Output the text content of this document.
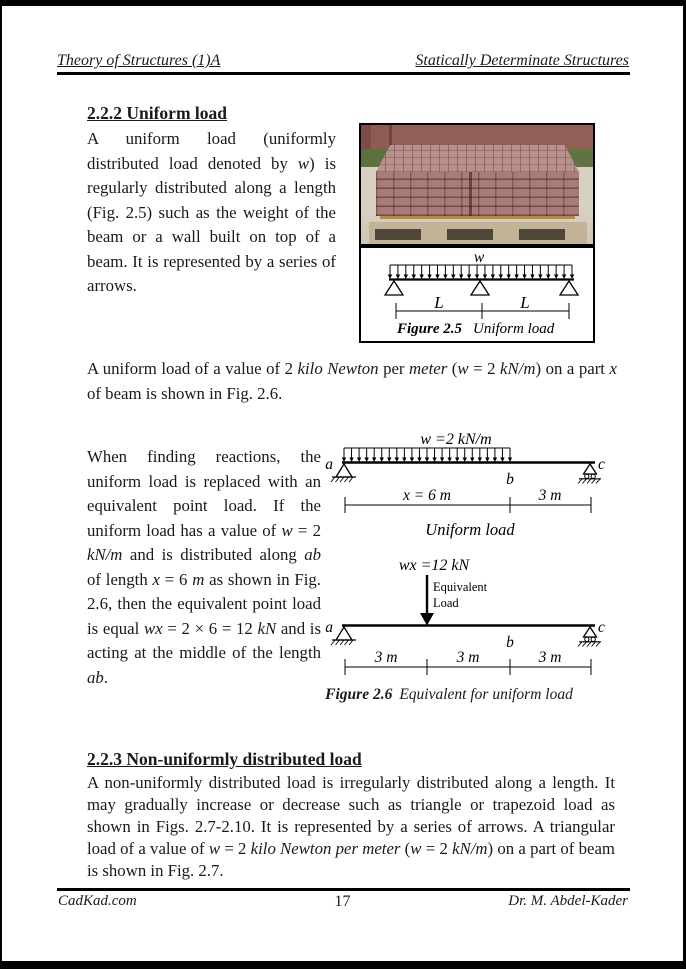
Theory of Structures (1)A	Statically Determinate Structures
2.2.2 Uniform load
A uniform load (uniformly distributed load denoted by w) is regularly distributed along a length (Fig. 2.5) such as the weight of the beam or a wall built on top of a beam. It is represented by a series of arrows.
w
L	L
Figure 2.5 Uniform load
A uniform load of a value of 2 kilo Newton per meter (w = 2 kN/m) on a part x of beam is shown in Fig. 2.6.
When finding reactions, the uniform load is replaced with an equivalent point load. If the uniform load has a value of w = 2 kN/m and is distributed along ab of length x = 6 m as shown in Fig. 2.6, then the equivalent point load is equal wx = 2 × 6 = 12 kN and is acting at the middle of the length ab.
w =2 kN/m
a
b
c
x = 6 m	3 m
Uniform load
wx =12 kN
Equivalent
Load
a
b
c
3 m	3 m	3 m
Figure 2.6 Equivalent for uniform load
2.2.3 Non-uniformly distributed load
A non-uniformly distributed load is irregularly distributed along a length. It may gradually increase or decrease such as triangle or trapezoid load as shown in Figs. 2.7-2.10. It is represented by a series of arrows. A triangular load of a value of w = 2 kilo Newton per meter (w = 2 kN/m) on a part of beam is shown in Fig. 2.7.
CadKad.com	17	Dr. M. Abdel-Kader
